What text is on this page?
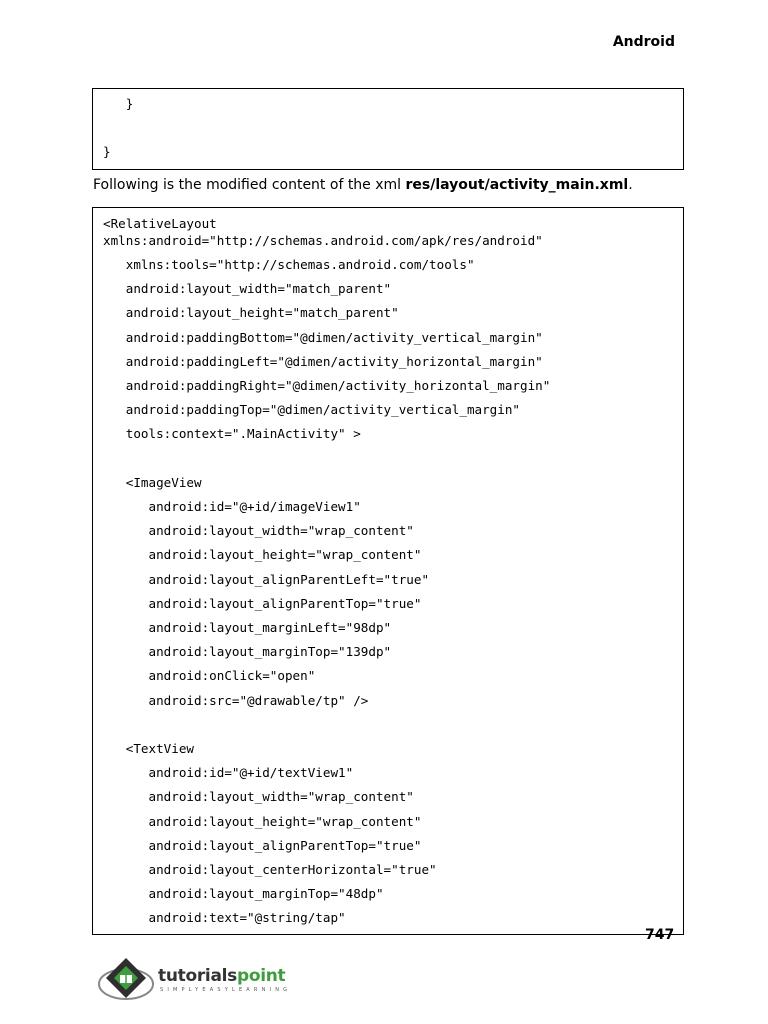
Android
}
}
Following is the modified content of the xml res/layout/activity_main.xml.
<RelativeLayout
xmlns:android="http://schemas.android.com/apk/res/android"
xmlns:tools="http://schemas.android.com/tools"
android:layout_width="match_parent"
android:layout_height="match_parent"
android:paddingBottom="@dimen/activity_vertical_margin"
android:paddingLeft="@dimen/activity_horizontal_margin"
android:paddingRight="@dimen/activity_horizontal_margin"
android:paddingTop="@dimen/activity_vertical_margin"
tools:context=".MainActivity" >
<ImageView
android:id="@+id/imageView1"
android:layout_width="wrap_content"
android:layout_height="wrap_content"
android:layout_alignParentLeft="true"
android:layout_alignParentTop="true"
android:layout_marginLeft="98dp"
android:layout_marginTop="139dp"
android:onClick="open"
android:src="@drawable/tp" />
<TextView
android:id="@+id/textView1"
android:layout_width="wrap_content"
android:layout_height="wrap_content"
android:layout_alignParentTop="true"
android:layout_centerHorizontal="true"
android:layout_marginTop="48dp"
android:text="@string/tap"
747
tutorialspoint
SIMPLYEASYLEARNING
